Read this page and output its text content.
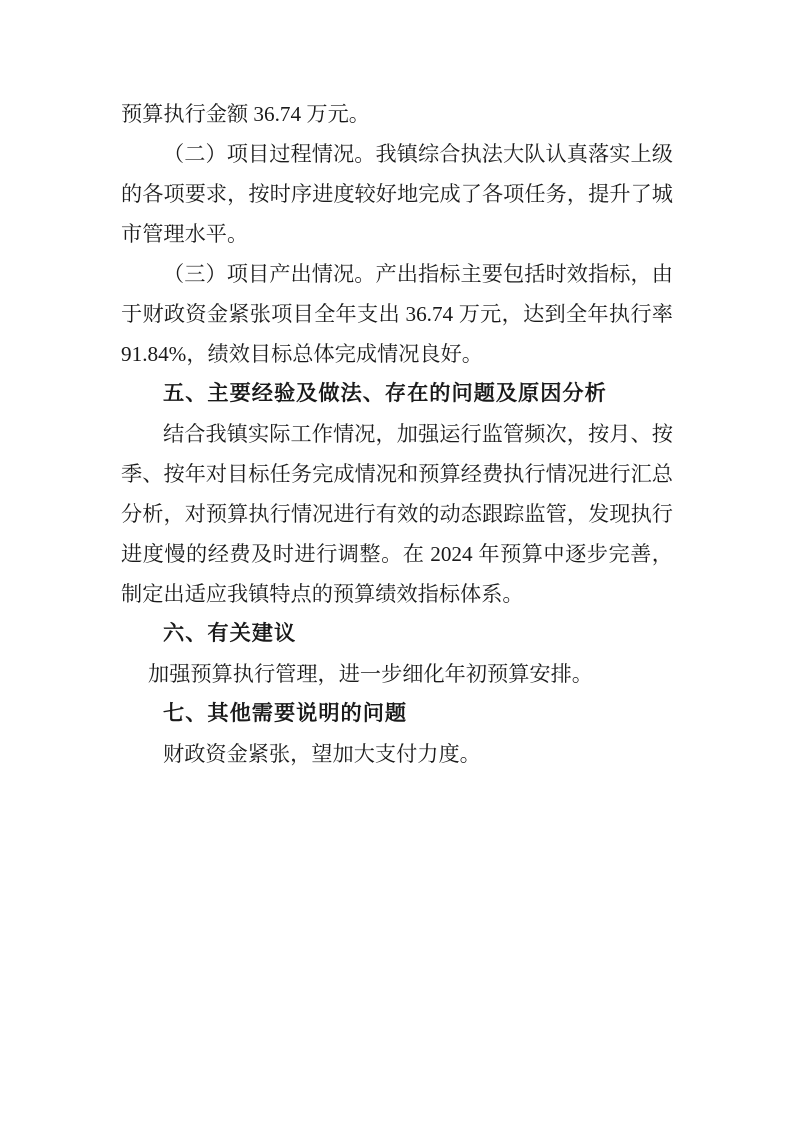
预算执行金额 36.74 万元。
（二）项目过程情况。我镇综合执法大队认真落实上级
的各项要求，按时序进度较好地完成了各项任务，提升了城
市管理水平。
（三）项目产出情况。产出指标主要包括时效指标，由
于财政资金紧张项目全年支出 36.74 万元，达到全年执行率
91.84%，绩效目标总体完成情况良好。
五、主要经验及做法、存在的问题及原因分析
结合我镇实际工作情况，加强运行监管频次，按月、按
季、按年对目标任务完成情况和预算经费执行情况进行汇总
分析，对预算执行情况进行有效的动态跟踪监管，发现执行
进度慢的经费及时进行调整。在 2024 年预算中逐步完善，
制定出适应我镇特点的预算绩效指标体系。
六、有关建议
加强预算执行管理，进一步细化年初预算安排。
七、其他需要说明的问题
财政资金紧张，望加大支付力度。
